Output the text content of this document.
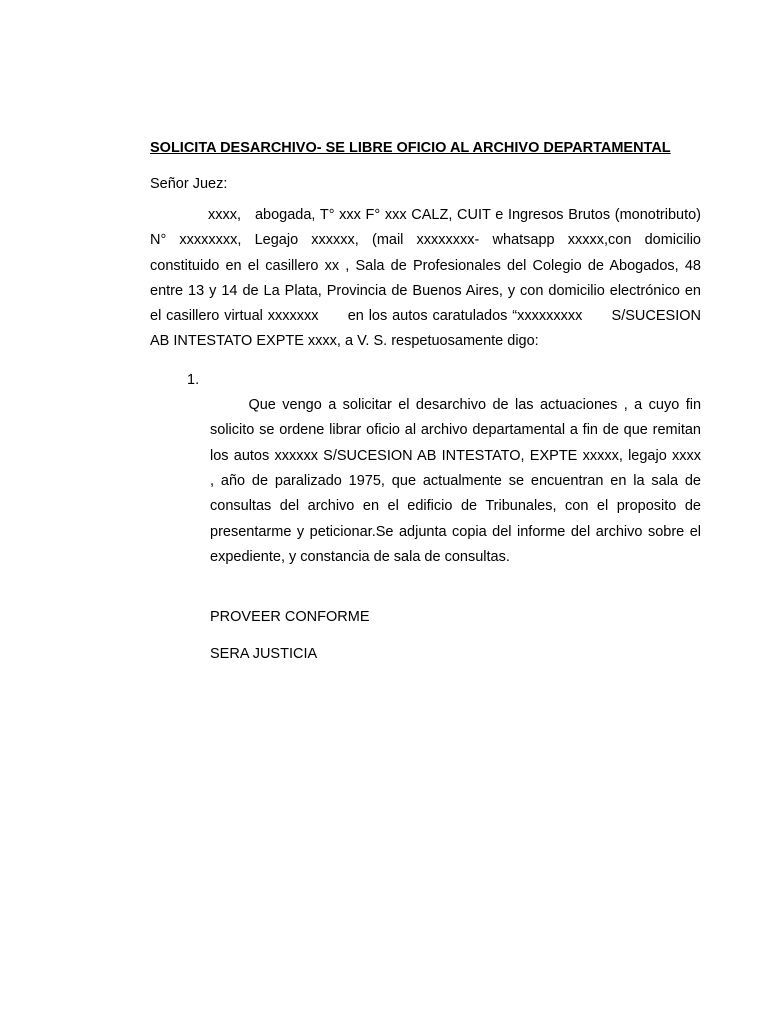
SOLICITA DESARCHIVO- SE LIBRE OFICIO AL ARCHIVO DEPARTAMENTAL

Señor Juez:

xxxx,   abogada, T° xxx F° xxx CALZ, CUIT e Ingresos Brutos (monotributo) N° xxxxxxxx, Legajo xxxxxx, (mail xxxxxxxx- whatsapp xxxxx,con domicilio constituido en el casillero xx , Sala de Profesionales del Colegio de Abogados, 48 entre 13 y 14 de La Plata, Provincia de Buenos Aires, y con domicilio electrónico en el casillero virtual xxxxxxx      en los autos caratulados “xxxxxxxxx      S/SUCESION AB INTESTATO EXPTE xxxx, a V. S. respetuosamente digo:

1.
Que vengo a solicitar el desarchivo de las actuaciones , a cuyo fin solicito se ordene librar oficio al archivo departamental a fin de que remitan los autos xxxxxx S/SUCESION AB INTESTATO, EXPTE xxxxx, legajo xxxx  , año de paralizado 1975, que actualmente se encuentran en la sala de consultas del archivo en el edificio de Tribunales, con el proposito de presentarme y peticionar.Se adjunta copia del informe del archivo sobre el expediente, y constancia de sala de consultas.

PROVEER CONFORME

SERA JUSTICIA
